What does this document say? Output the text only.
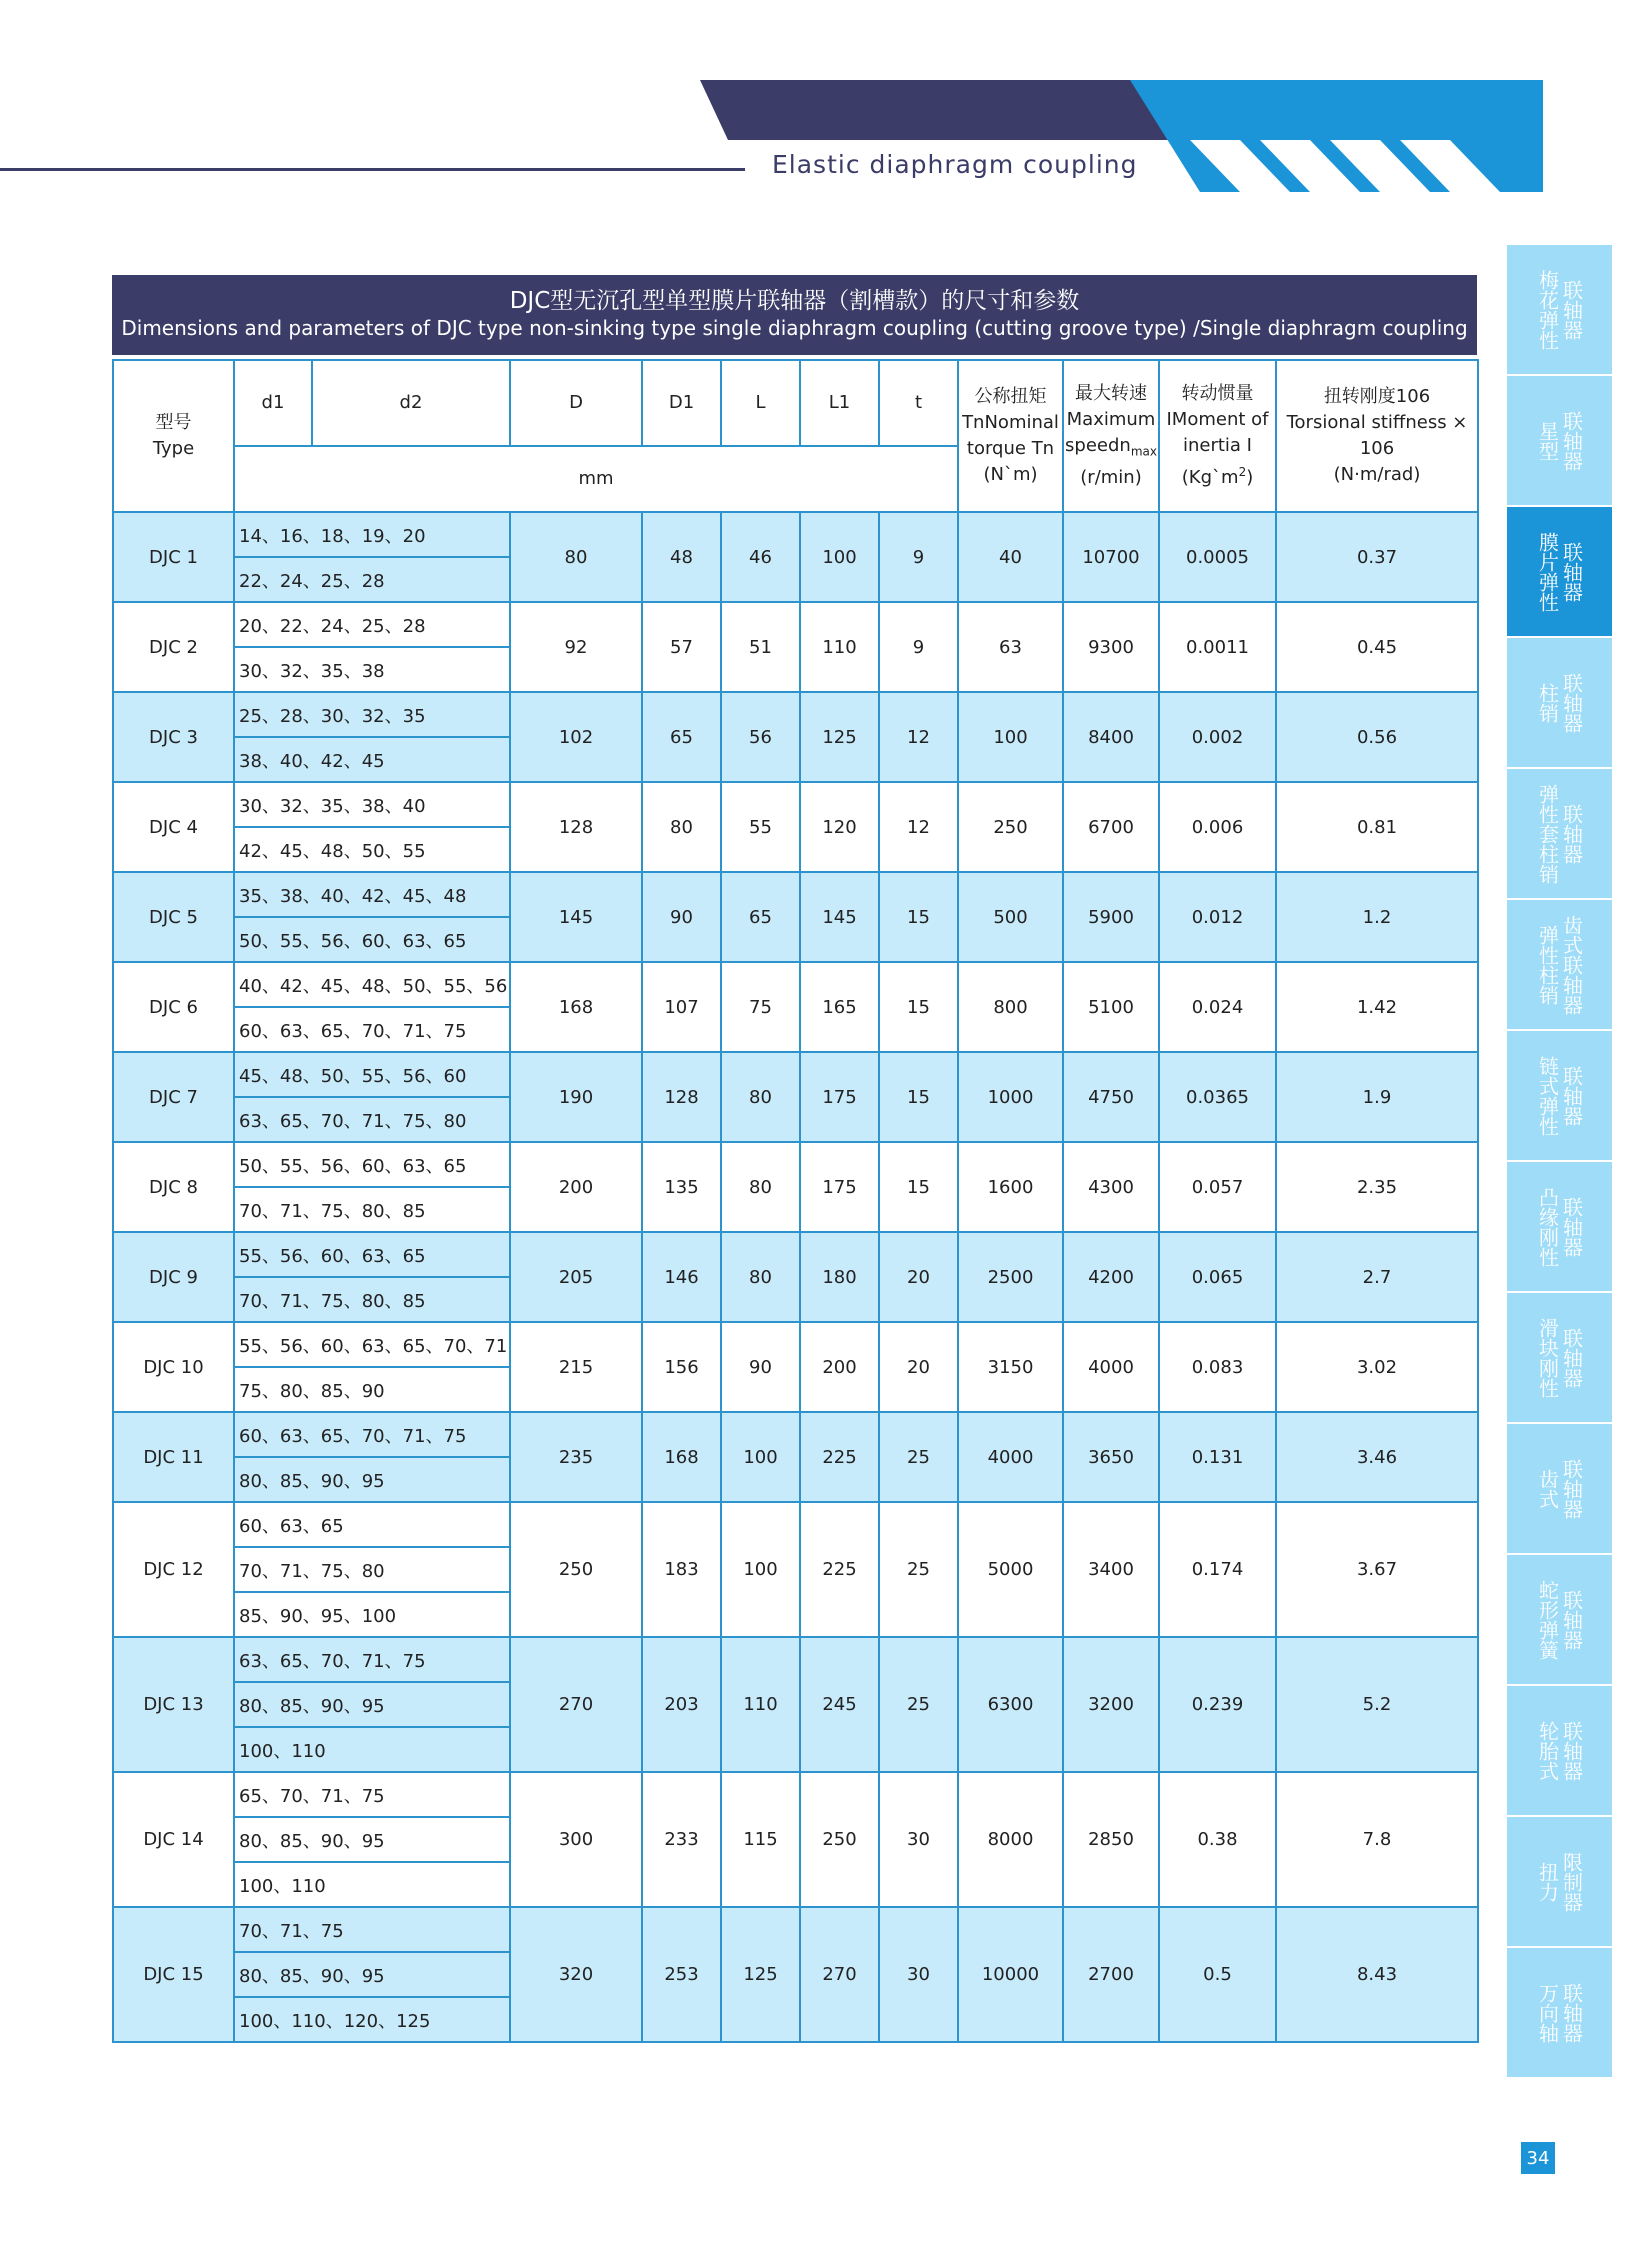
Elastic diaphragm coupling
梅花弹性 联轴器
星型 联轴器
膜片弹性 联轴器
柱销 联轴器
弹性套柱销 联轴器
弹性柱销 齿式联轴器
链式弹性 联轴器
凸缘刚性 联轴器
滑块刚性 联轴器
齿式 联轴器
蛇形弹簧 联轴器
轮胎式 联轴器
扭力 限制器
万向轴 联轴器
DJC型无沉孔型单型膜片联轴器（割槽款）的尺寸和参数
Dimensions and parameters of DJC type non-sinking type single diaphragm coupling (cutting groove type) /Single diaphragm coupling
型号
Type	d1	d2	D	D1	L	L1	t	公称扭矩
TnNominal
torque Tn
(N`m)	最大转速
Maximum
speedn$_{max}$
(r/min)	转动惯量
IMoment of
inertia I
$(Kg`m^2)$	扭转刚度106
Torsional stiffness ×
106
(N·m/rad)
	mm										
DJC 1	14、16、18、19、20		80	48	46	100	9	40	10700	0.0005	0.37
	22、24、25、28										
DJC 2	20、22、24、25、28		92	57	51	110	9	63	9300	0.0011	0.45
	30、32、35、38										
DJC 3	25、28、30、32、35		102	65	56	125	12	100	8400	0.002	0.56
	38、40、42、45										
DJC 4	30、32、35、38、40		128	80	55	120	12	250	6700	0.006	0.81
	42、45、48、50、55										
DJC 5	35、38、40、42、45、48		145	90	65	145	15	500	5900	0.012	1.2
	50、55、56、60、63、65										
DJC 6	40、42、45、48、50、55、56		168	107	75	165	15	800	5100	0.024	1.42
	60、63、65、70、71、75										
DJC 7	45、48、50、55、56、60		190	128	80	175	15	1000	4750	0.0365	1.9
	63、65、70、71、75、80										
DJC 8	50、55、56、60、63、65		200	135	80	175	15	1600	4300	0.057	2.35
	70、71、75、80、85										
DJC 9	55、56、60、63、65		205	146	80	180	20	2500	4200	0.065	2.7
	70、71、75、80、85										
DJC 10	55、56、60、63、65、70、71		215	156	90	200	20	3150	4000	0.083	3.02
	75、80、85、90										
DJC 11	60、63、65、70、71、75		235	168	100	225	25	4000	3650	0.131	3.46
	80、85、90、95										
DJC 12	60、63、65		250	183	100	225	25	5000	3400	0.174	3.67
	70、71、75、80										
	85、90、95、100										
DJC 13	63、65、70、71、75		270	203	110	245	25	6300	3200	0.239	5.2
	80、85、90、95										
	100、110										
DJC 14	65、70、71、75		300	233	115	250	30	8000	2850	0.38	7.8
	80、85、90、95										
	100、110										
DJC 15	70、71、75		320	253	125	270	30	10000	2700	0.5	8.43
	80、85、90、95										
	100、110、120、125										
34
